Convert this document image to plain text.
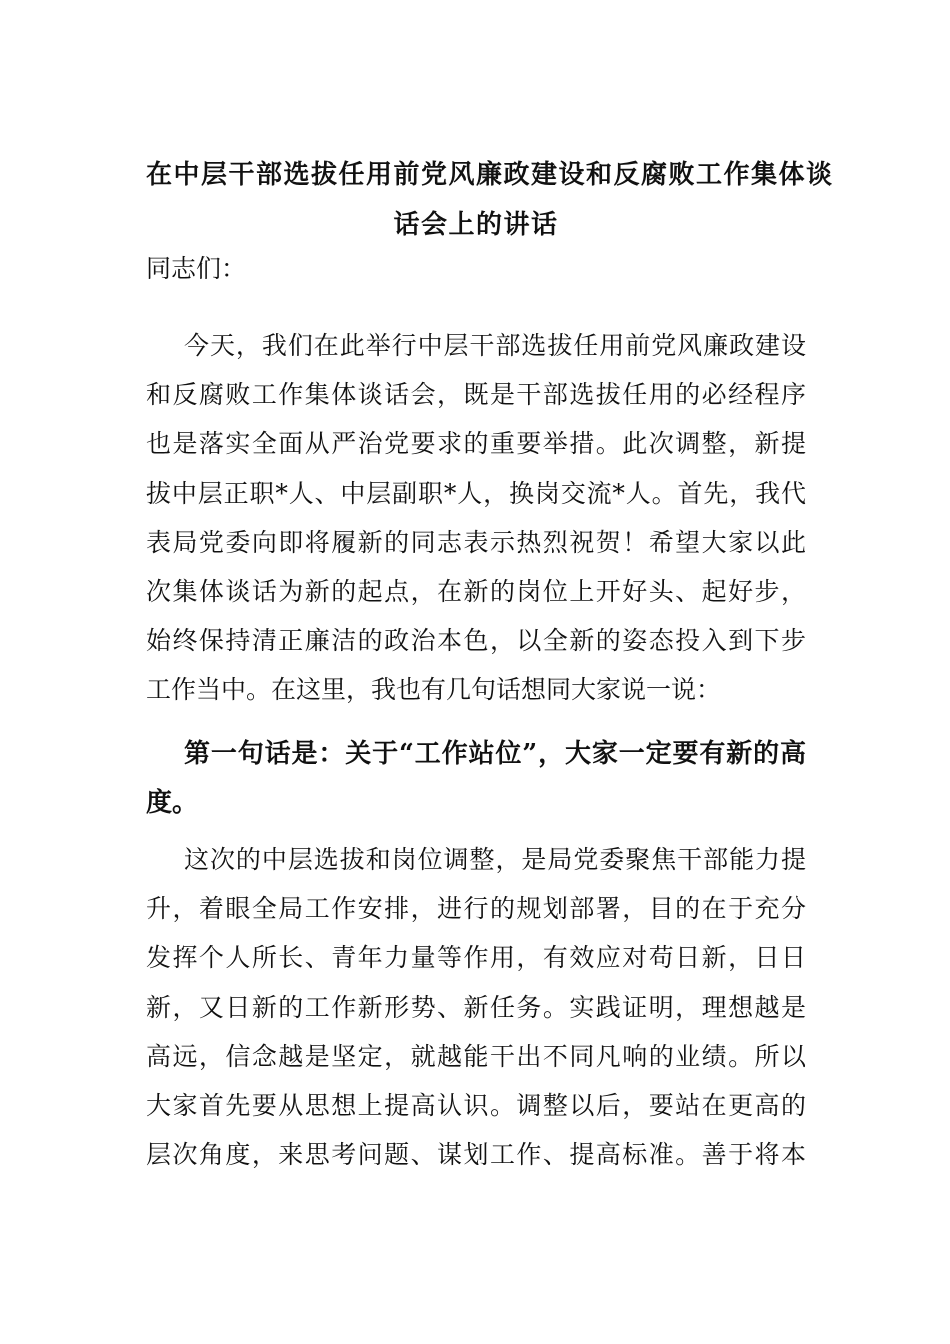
在中层干部选拔任用前党风廉政建设和反腐败工作集体谈
话会上的讲话
同志们：
今天，我们在此举行中层干部选拔任用前党风廉政建设
和反腐败工作集体谈话会，既是干部选拔任用的必经程序
也是落实全面从严治党要求的重要举措。此次调整，新提
拔中层正职*人、中层副职*人，换岗交流*人。首先，我代
表局党委向即将履新的同志表示热烈祝贺！希望大家以此
次集体谈话为新的起点，在新的岗位上开好头、起好步，
始终保持清正廉洁的政治本色，以全新的姿态投入到下步
工作当中。在这里，我也有几句话想同大家说一说：
第一句话是：关于“工作站位”，大家一定要有新的高
度。
这次的中层选拔和岗位调整，是局党委聚焦干部能力提
升，着眼全局工作安排，进行的规划部署，目的在于充分
发挥个人所长、青年力量等作用，有效应对苟日新，日日
新，又日新的工作新形势、新任务。实践证明，理想越是
高远，信念越是坚定，就越能干出不同凡响的业绩。所以
大家首先要从思想上提高认识。调整以后，要站在更高的
层次角度，来思考问题、谋划工作、提高标准。善于将本
